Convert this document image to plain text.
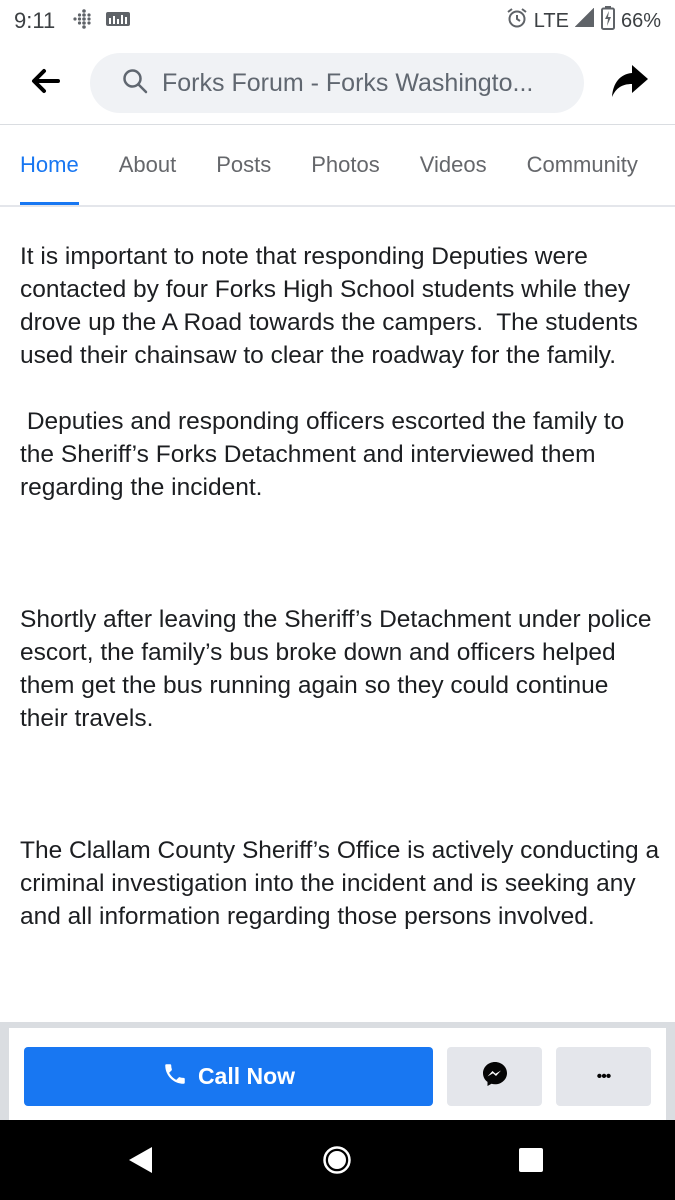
9:11	LTE	66%
Forks Forum - Forks Washingto...
Home About Posts Photos Videos Community

It is important to note that responding Deputies were contacted by four Forks High School students while they drove up the A Road towards the campers.  The students used their chainsaw to clear the roadway for the family.

Deputies and responding officers escorted the family to the Sheriff’s Forks Detachment and interviewed them regarding the incident.

Shortly after leaving the Sheriff’s Detachment under police escort, the family’s bus broke down and officers helped them get the bus running again so they could continue their travels.

The Clallam County Sheriff’s Office is actively conducting a criminal investigation into the incident and is seeking any and all information regarding those persons involved.

Call Now	•••
